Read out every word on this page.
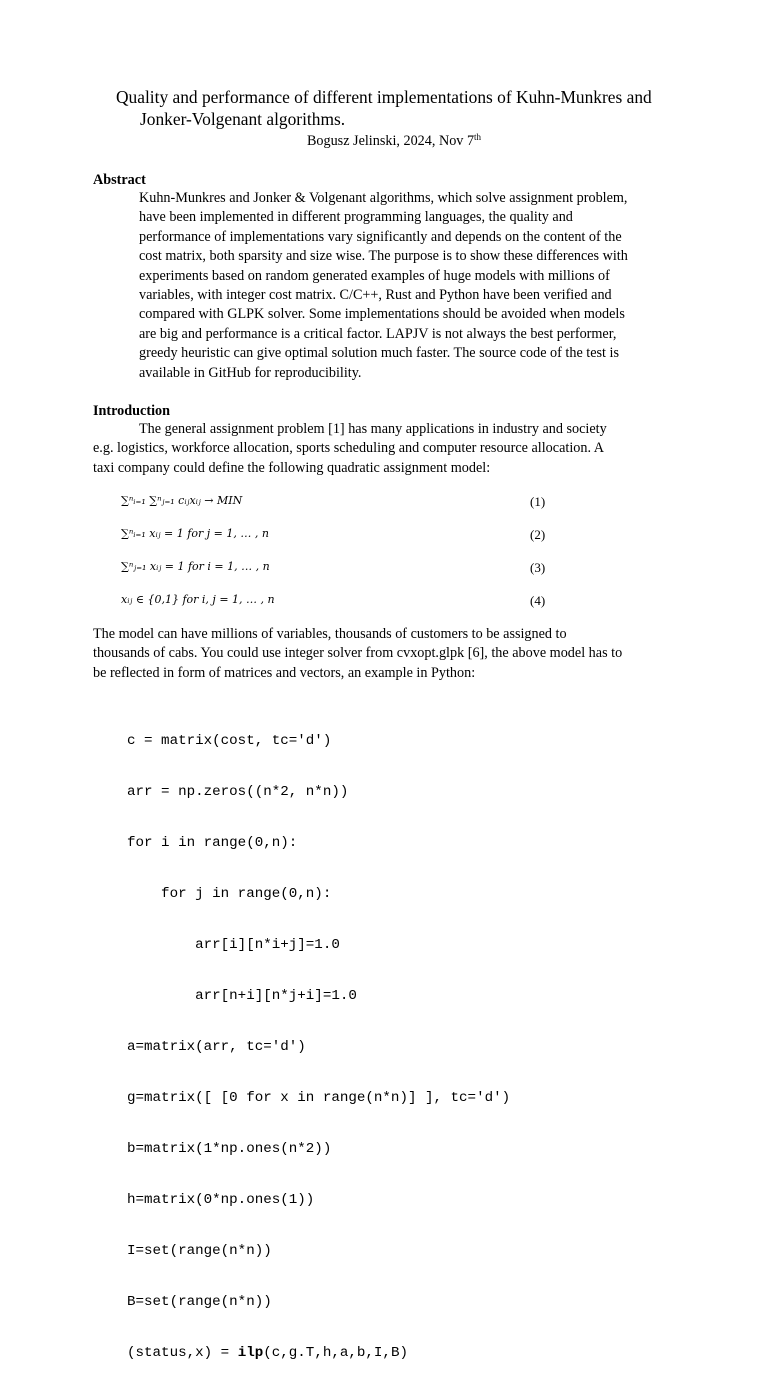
Quality and performance of different implementations of Kuhn-Munkres and
Jonker-Volgenant algorithms.
Bogusz Jelinski, 2024, Nov 7th
Abstract
Kuhn-Munkres and Jonker & Volgenant algorithms, which solve assignment problem,
have been implemented in different programming languages, the quality and
performance of implementations vary significantly and depends on the content of the
cost matrix, both sparsity and size wise. The purpose is to show these differences with
experiments based on random generated examples of huge models with millions of
variables, with integer cost matrix. C/C++, Rust and Python have been verified and
compared with GLPK solver. Some implementations should be avoided when models
are big and performance is a critical factor. LAPJV is not always the best performer,
greedy heuristic can give optimal solution much faster. The source code of the test is
available in GitHub for reproducibility.
Introduction
The general assignment problem [1] has many applications in industry and society
e.g. logistics, workforce allocation, sports scheduling and computer resource allocation. A
taxi company could define the following quadratic assignment model:
∑ⁿᵢ₌₁ ∑ⁿⱼ₌₁ cᵢⱼxᵢⱼ → MIN	(1)
∑ⁿᵢ₌₁ xᵢⱼ = 1 for j = 1, … , n	(2)
∑ⁿⱼ₌₁ xᵢⱼ = 1 for i = 1, … , n	(3)
xᵢⱼ ∈ {0,1} for i, j = 1, … , n	(4)
The model can have millions of variables, thousands of customers to be assigned to
thousands of cabs. You could use integer solver from cvxopt.glpk [6], the above model has to
be reflected in form of matrices and vectors, an example in Python:

c = matrix(cost, tc='d')

arr = np.zeros((n*2, n*n))

for i in range(0,n):

for j in range(0,n):

arr[i][n*i+j]=1.0

arr[n+i][n*j+i]=1.0

a=matrix(arr, tc='d')

g=matrix([ [0 for x in range(n*n)] ], tc='d')

b=matrix(1*np.ones(n*2))

h=matrix(0*np.ones(1))

I=set(range(n*n))

B=set(range(n*n))

(status,x) = ilp(c,g.T,h,a,b,I,B)
